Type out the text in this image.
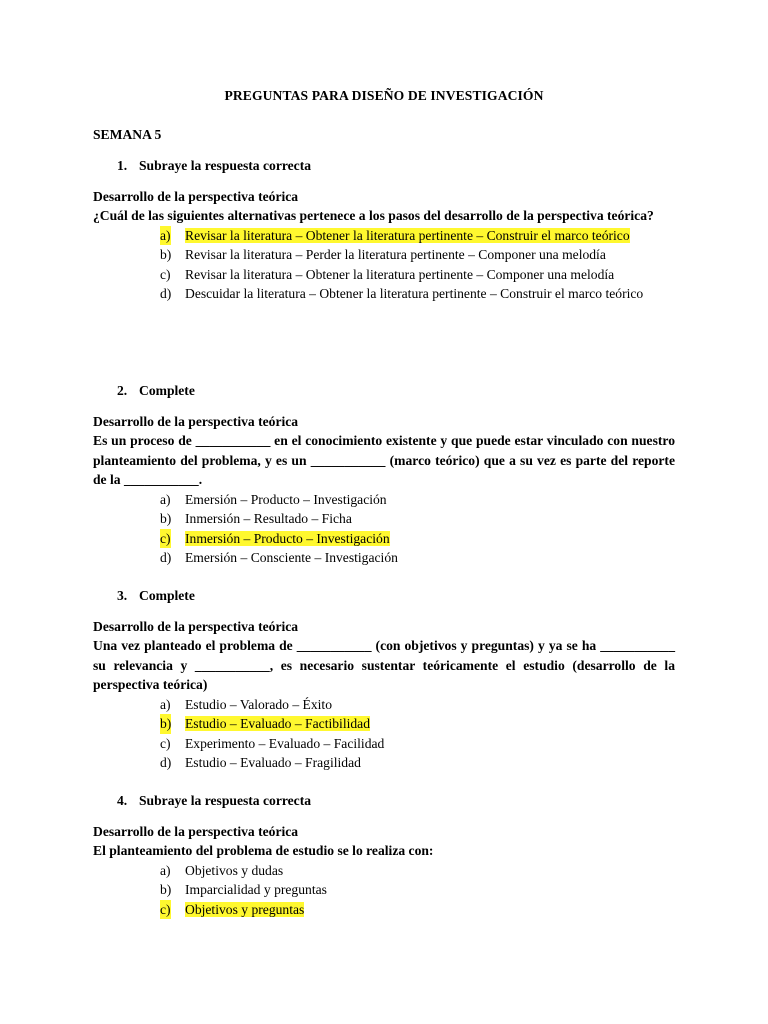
PREGUNTAS PARA DISEÑO DE INVESTIGACIÓN
SEMANA 5
1. Subraye la respuesta correcta
Desarrollo de la perspectiva teórica
¿Cuál de las siguientes alternativas pertenece a los pasos del desarrollo de la perspectiva teórica?
a) Revisar la literatura – Obtener la literatura pertinente – Construir el marco teórico
b) Revisar la literatura – Perder la literatura pertinente – Componer una melodía
c) Revisar la literatura – Obtener la literatura pertinente – Componer una melodía
d) Descuidar la literatura – Obtener la literatura pertinente – Construir el marco teórico
2. Complete
Desarrollo de la perspectiva teórica
Es un proceso de ___________ en el conocimiento existente y que puede estar vinculado con nuestro planteamiento del problema, y es un ___________ (marco teórico) que a su vez es parte del reporte de la ___________.
a) Emersión – Producto – Investigación
b) Inmersión – Resultado – Ficha
c) Inmersión – Producto – Investigación
d) Emersión – Consciente – Investigación
3. Complete
Desarrollo de la perspectiva teórica
Una vez planteado el problema de ___________ (con objetivos y preguntas) y ya se ha ___________ su relevancia y ___________, es necesario sustentar teóricamente el estudio (desarrollo de la perspectiva teórica)
a) Estudio – Valorado – Éxito
b) Estudio – Evaluado – Factibilidad
c) Experimento – Evaluado – Facilidad
d) Estudio – Evaluado – Fragilidad
4. Subraye la respuesta correcta
Desarrollo de la perspectiva teórica
El planteamiento del problema de estudio se lo realiza con:
a) Objetivos y dudas
b) Imparcialidad y preguntas
c) Objetivos y preguntas
